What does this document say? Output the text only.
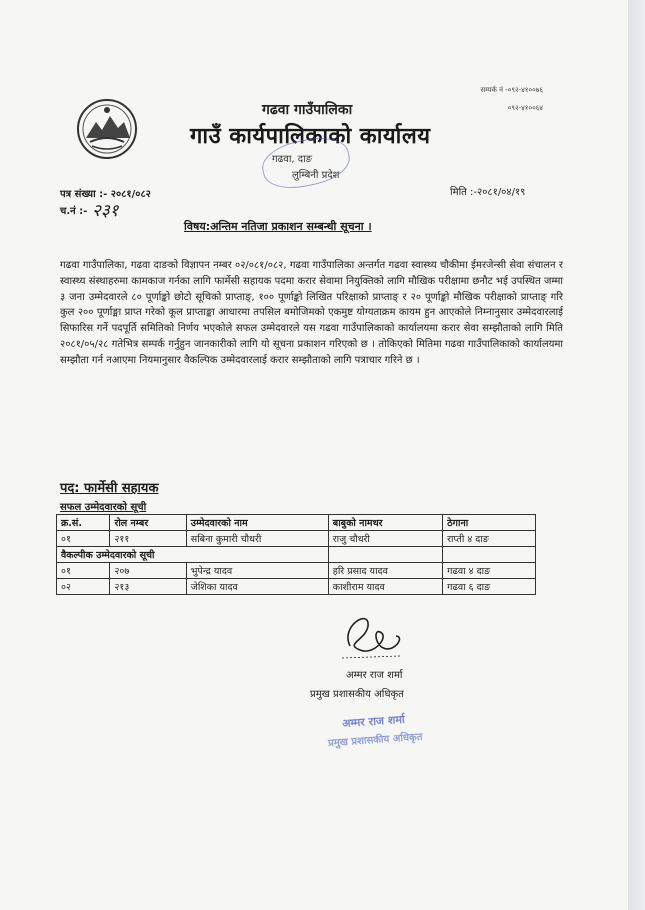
सम्पर्क नं -०९२-४१००७६
०९२-४१००६४
गढवा गाउँपालिका
गाउँ कार्यपालिकाको कार्यालय
गढवा, दाङ
लुम्बिनी प्रदेश
पत्र संख्या :- २०८१/०८२
च.नं :- २३१
मिति :-२०८१/०४/१९
विषय:अन्तिम नतिजा प्रकाशन सम्बन्धी सूचना ।
गढवा गाउँपालिका, गढवा दाङको विज्ञापन नम्बर ०२/०८१/०८२, गढवा गाउँपालिका अन्तर्गत गढवा स्वास्थ्य चौकीमा ईमरजेन्सी सेवा संचालन र स्वास्थ्य संस्थाहरुमा कामकाज गर्नका लागि फार्मेसी सहायक पदमा करार सेवामा नियुक्तिको लागि मौखिक परीक्षामा छनौट भई उपस्थित जम्मा ३ जना उम्मेदवारले ८० पूर्णाङ्को छोटो सूचिको प्राप्ताङ्, १०० पूर्णाङ्को लिखित परिक्षाको प्राप्ताङ् र २० पूर्णाङ्को मौखिक परीक्षाको प्राप्ताङ् गरि कुल २०० पूर्णाङ्मा प्राप्त गरेको कूल प्राप्ताङ्का आधारमा तपसिल बमोजिमको एकमुष्ट योग्यताक्रम कायम हुन आएकोले निम्नानुसार उम्मेदवारलाई सिफारिस गर्ने पदपूर्ति समितिको निर्णय भएकोले सफल उम्मेदवारले यस गढवा गाउँपालिकाको कार्यालयमा करार सेवा सम्झौताको लागि मिति २०८१/०५/२८ गतेभित्र सम्पर्क गर्नुहुन जानकारीको लागि यो सूचना प्रकाशन गरिएको छ । तोकिएको मितिमा गढवा गाउँपालिकाको कार्यालयमा सम्झौता गर्न नआएमा नियमानुसार वैकल्पिक उम्मेदवारलाई करार सम्झौताको लागि पत्राचार गरिने छ ।
पद: फार्मेसी सहायक
सफल उम्मेदवारको सूची
क्र.सं.	रोल नम्बर	उम्मेदवारको नाम	बाबुको नामथर	ठेगाना
०१	२११	सबिना कुमारी चौधरी	राजु चौधरी	राप्ती ४ दाङ
वैकल्पीक उम्मेदवारको सूची				
०१	२०७	भुपेन्द्र यादव	हरि प्रसाद यादव	गढवा ४ दाङ
०२	२१३	जेशिका यादव	काशीराम यादव	गढवा ६ दाङ
अम्मर राज शर्मा
प्रमुख प्रशासकीय अधिकृत
अम्मर राज शर्मा
प्रमुख प्रशासकीय अधिकृत
